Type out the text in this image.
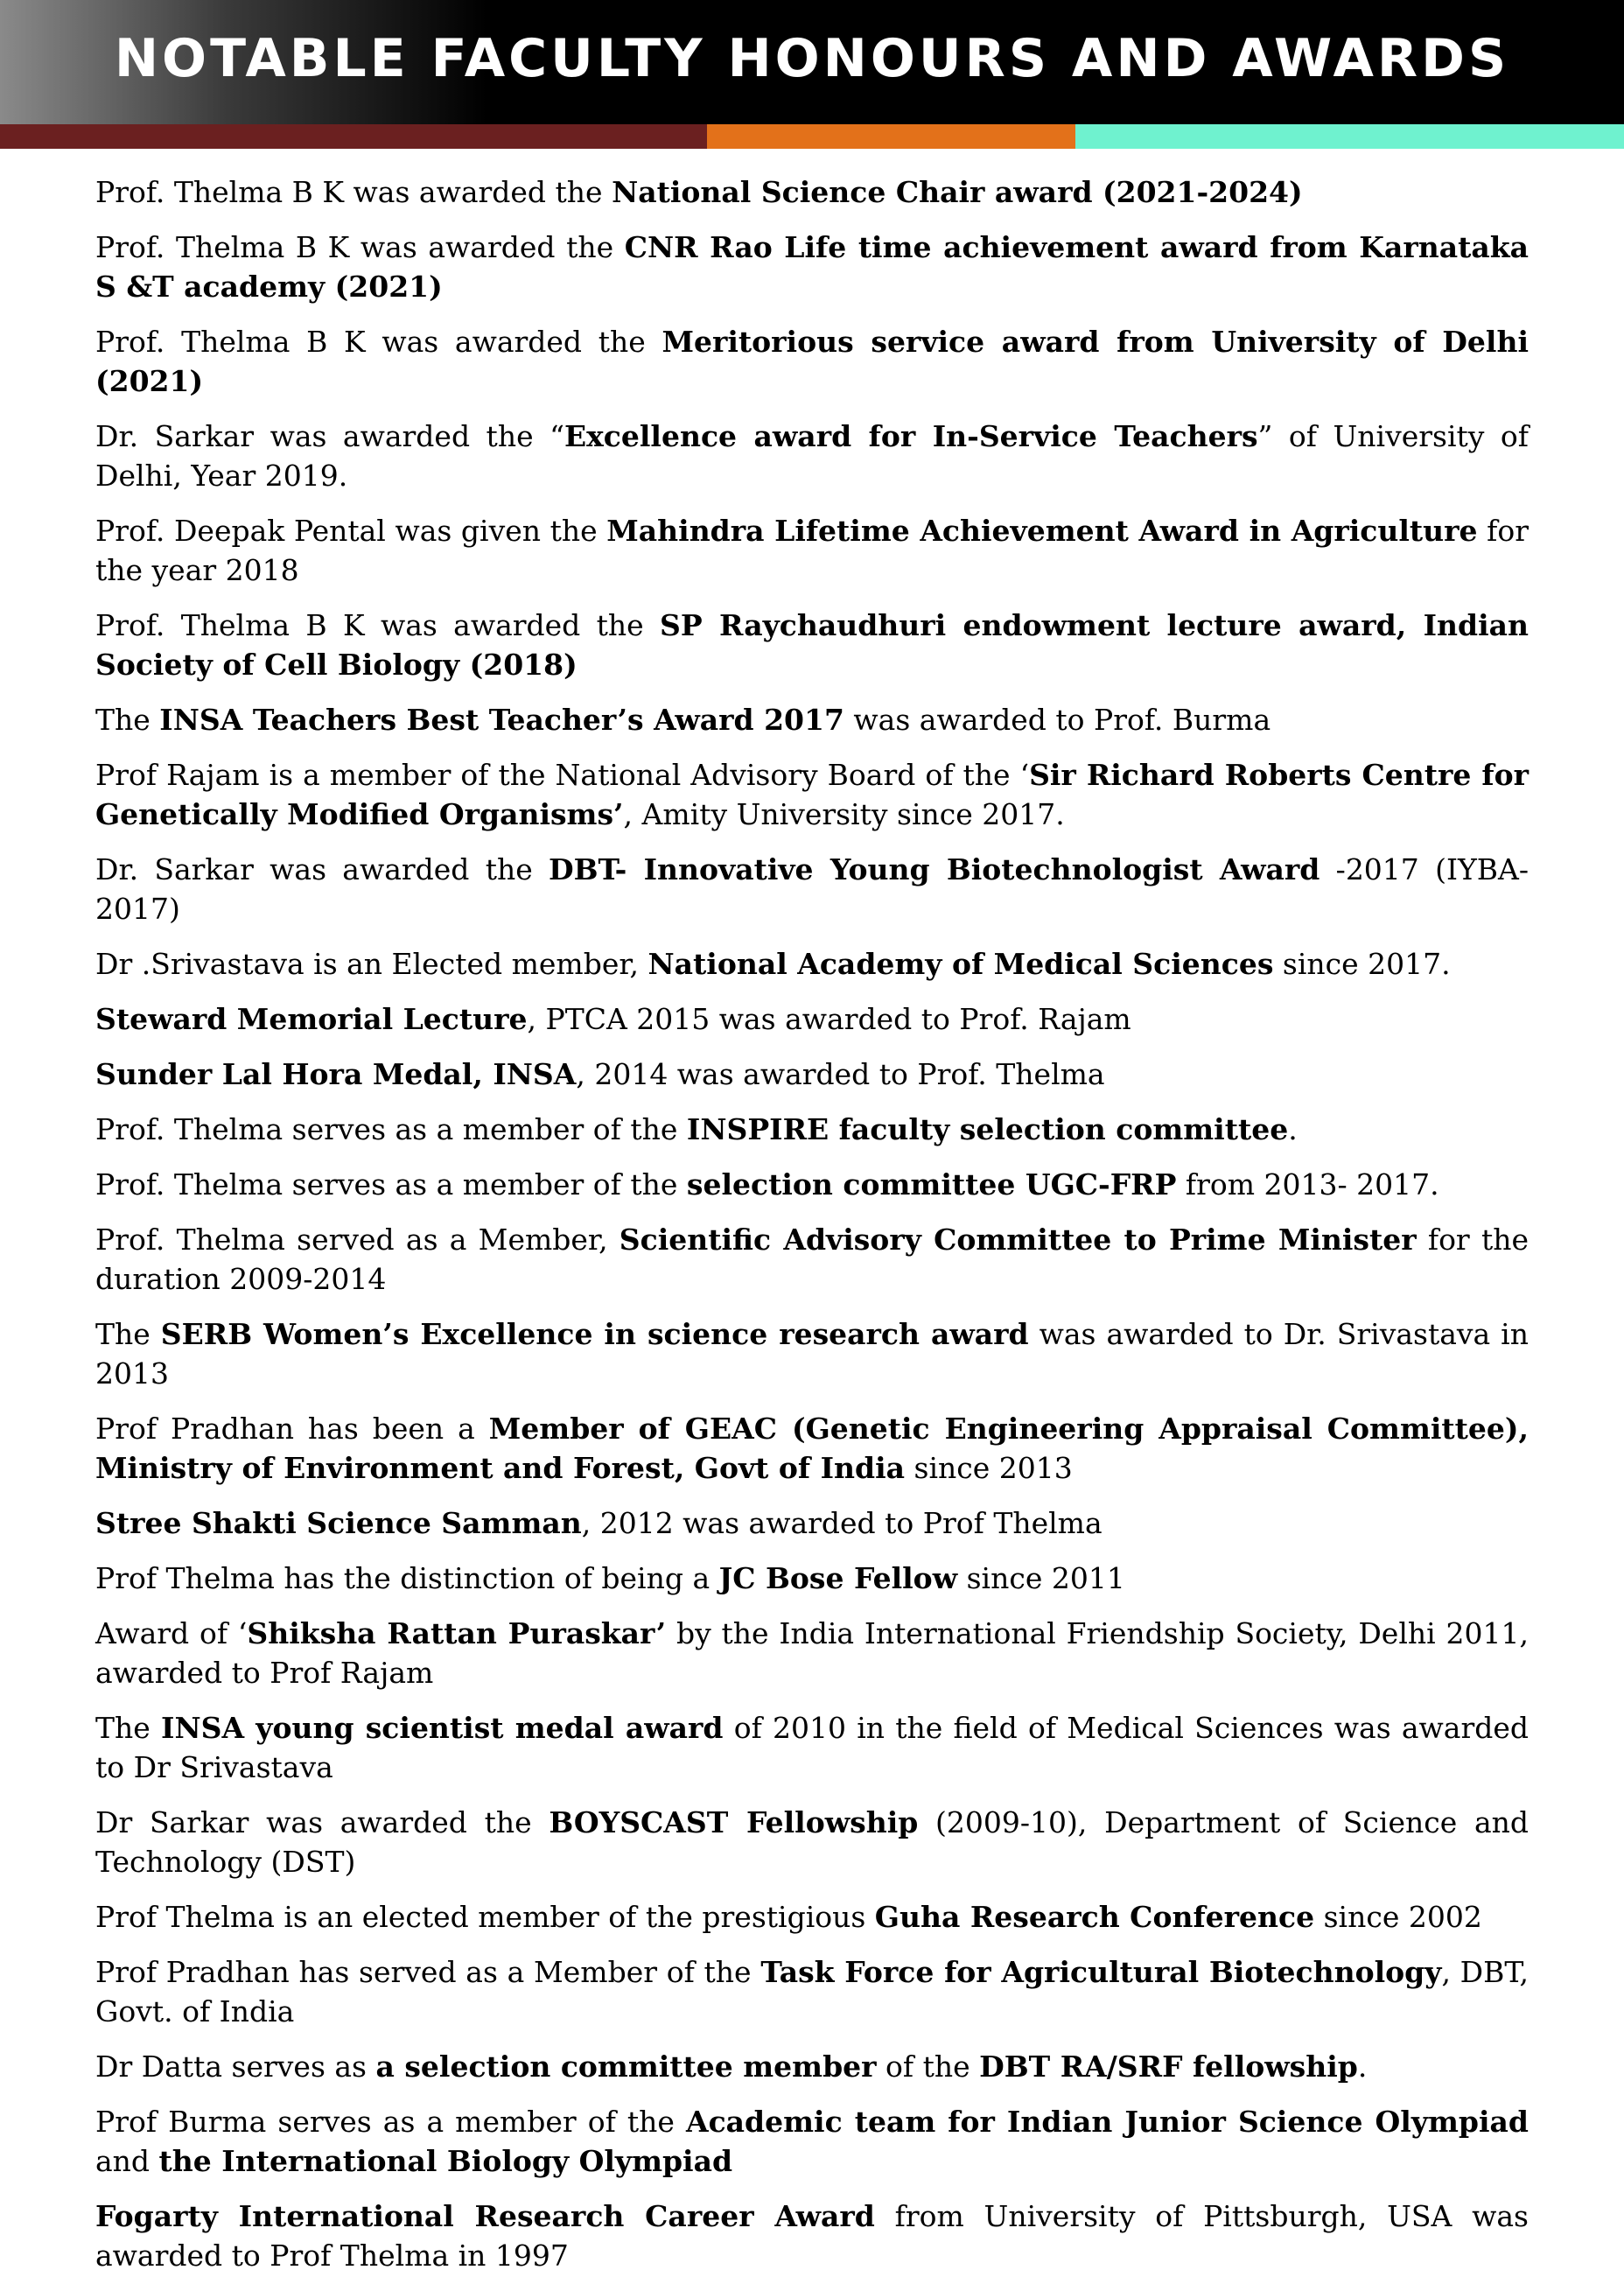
NOTABLE FACULTY HONOURS AND AWARDS
Prof. Thelma B K was awarded the National Science Chair award (2021-2024)
Prof. Thelma B K was awarded the CNR Rao Life time achievement award from Karnataka S &T academy (2021)
Prof. Thelma B K was awarded the Meritorious service award from University of Delhi (2021)
Dr. Sarkar was awarded the “Excellence award for In-Service Teachers” of University of Delhi, Year 2019.
Prof. Deepak Pental was given the Mahindra Lifetime Achievement Award in Agriculture for the year 2018
Prof. Thelma B K was awarded the SP Raychaudhuri endowment lecture award, Indian Society of Cell Biology (2018)
The INSA Teachers Best Teacher’s Award 2017 was awarded to Prof. Burma
Prof Rajam is a member of the National Advisory Board of the ‘Sir Richard Roberts Centre for Genetically Modified Organisms’, Amity University since 2017.
Dr. Sarkar was awarded the DBT- Innovative Young Biotechnologist Award -2017 (IYBA-2017)
Dr .Srivastava is an Elected member, National Academy of Medical Sciences since 2017.
Steward Memorial Lecture, PTCA 2015 was awarded to Prof. Rajam
Sunder Lal Hora Medal, INSA, 2014 was awarded to Prof. Thelma
Prof. Thelma serves as a member of the INSPIRE faculty selection committee.
Prof. Thelma serves as a member of the selection committee UGC-FRP from 2013- 2017.
Prof. Thelma served as a Member, Scientific Advisory Committee to Prime Minister for the duration 2009-2014
The SERB Women’s Excellence in science research award was awarded to Dr. Srivastava in 2013
Prof Pradhan has been a Member of GEAC (Genetic Engineering Appraisal Committee), Ministry of Environment and Forest, Govt of India since 2013
Stree Shakti Science Samman, 2012 was awarded to Prof Thelma
Prof Thelma has the distinction of being a JC Bose Fellow since 2011
Award of ‘Shiksha Rattan Puraskar’ by the India International Friendship Society, Delhi 2011, awarded to Prof Rajam
The INSA young scientist medal award of 2010 in the field of Medical Sciences was awarded to Dr Srivastava
Dr Sarkar was awarded the BOYSCAST Fellowship (2009-10), Department of Science and Technology (DST)
Prof Thelma is an elected member of the prestigious Guha Research Conference since 2002
Prof Pradhan has served as a Member of the Task Force for Agricultural Biotechnology, DBT, Govt. of India
Dr Datta serves as a selection committee member of the DBT RA/SRF fellowship.
Prof Burma serves as a member of the Academic team for Indian Junior Science Olympiad and the International Biology Olympiad
Fogarty International Research Career Award from University of Pittsburgh, USA was awarded to Prof Thelma in 1997
